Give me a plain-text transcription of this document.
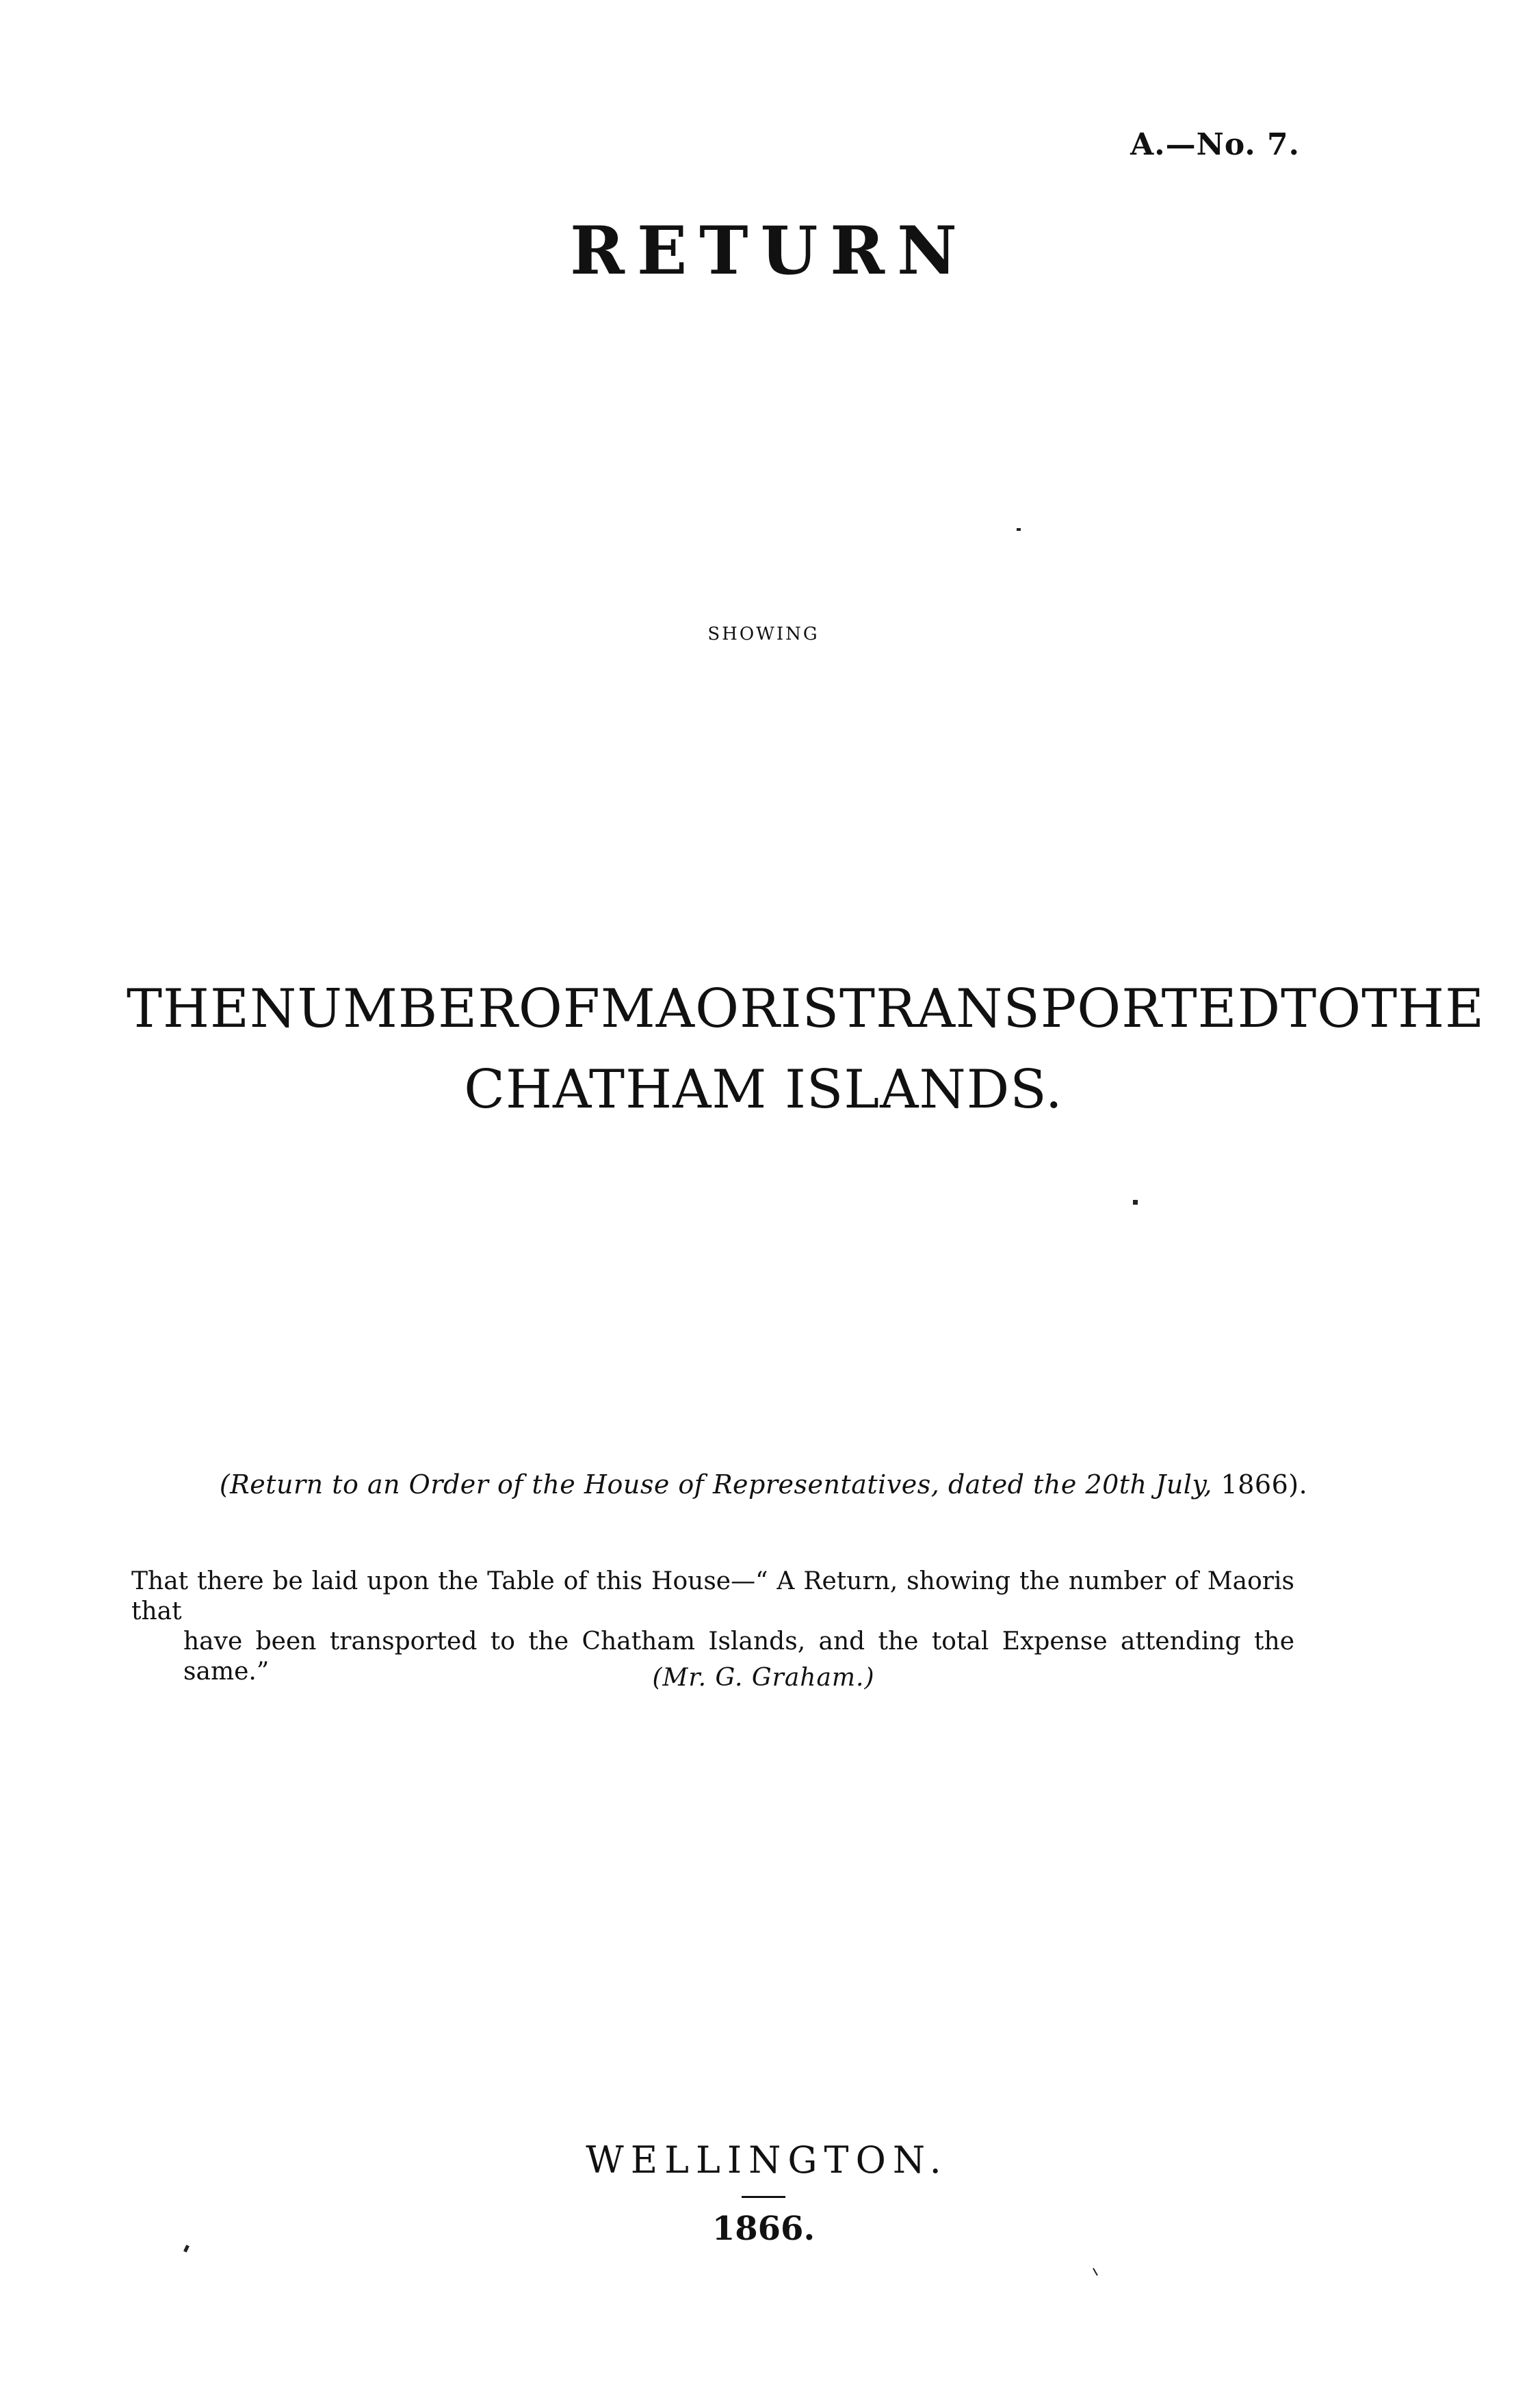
A.—No. 7.
RETURN
SHOWING
THE NUMBER OF MAORIS TRANSPORTED TO THE
CHATHAM ISLANDS.
(Return to an Order of the House of Representatives, dated the 20th July, 1866).

That there be laid upon the Table of this House—“ A Return, showing the number of Maoris that

have been transported to the Chatham Islands, and the total Expense attending the same.”	(Mr. G. Graham.)
WELLINGTON.
1866.
